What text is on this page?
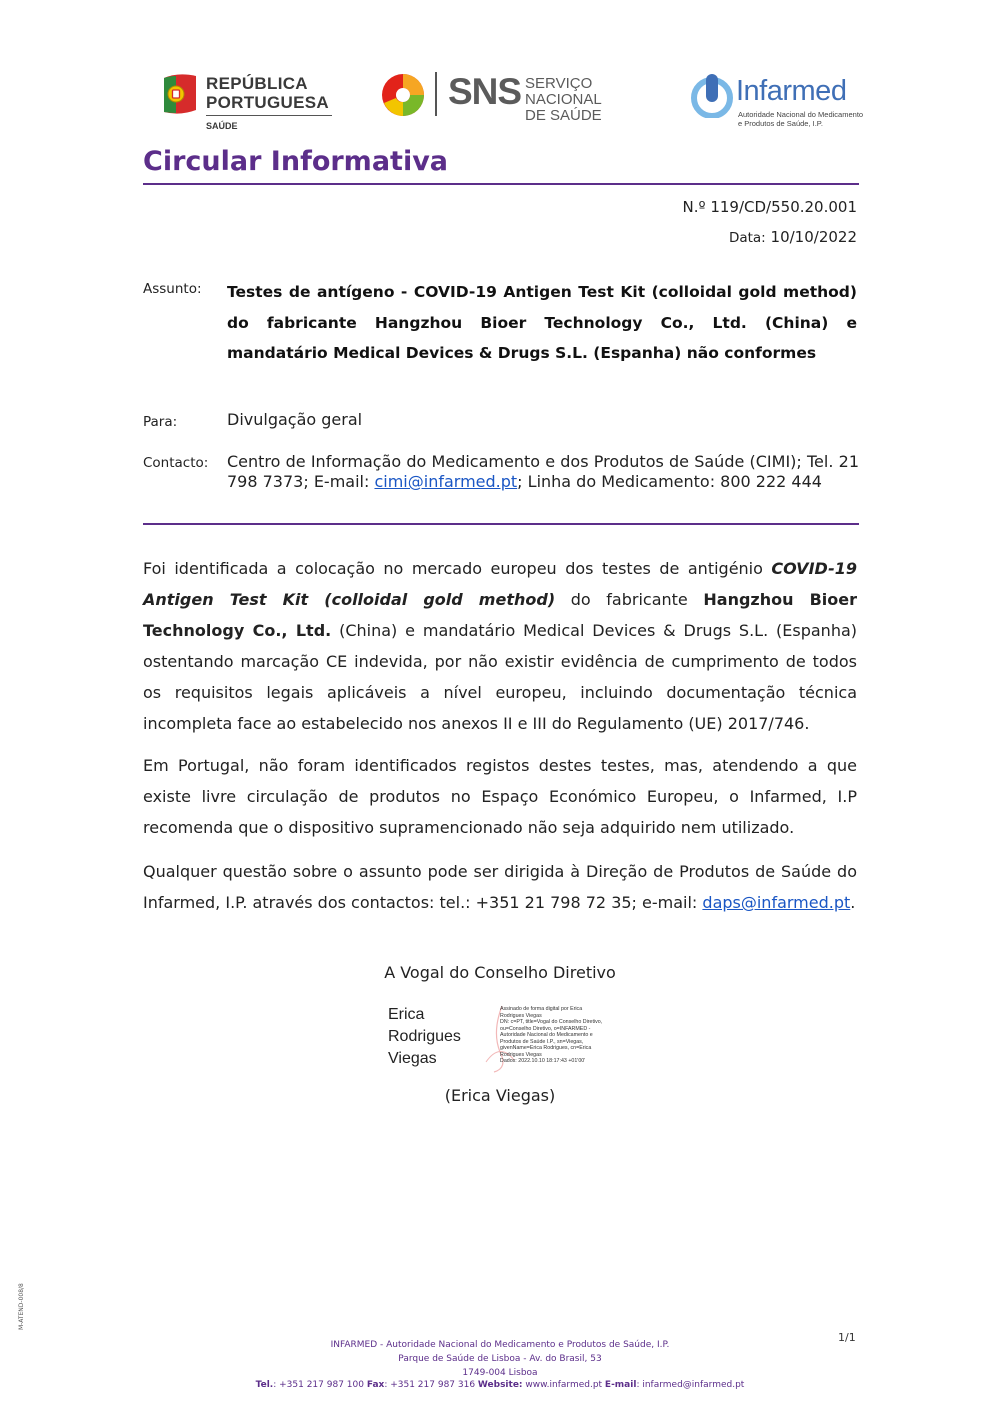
REPÚBLICA
PORTUGUESA
SAÚDE
SNS SERVIÇO NACIONAL
DE SAÚDE
Infarmed
Autoridade Nacional do Medicamento
e Produtos de Saúde, I.P.
Circular Informativa
N.º 119/CD/550.20.001
Data: 10/10/2022
Assunto: Testes de antígeno - COVID-19 Antigen Test Kit (colloidal gold method) do fabricante Hangzhou Bioer Technology Co., Ltd. (China) e mandatário Medical Devices & Drugs S.L. (Espanha) não conformes
Para:	Divulgação geral
Contacto: Centro de Informação do Medicamento e dos Produtos de Saúde (CIMI); Tel. 21 798 7373; E-mail: cimi@infarmed.pt; Linha do Medicamento: 800 222 444
Foi identificada a colocação no mercado europeu dos testes de antigénio COVID-19 Antigen Test Kit (colloidal gold method) do fabricante Hangzhou Bioer Technology Co., Ltd. (China) e mandatário Medical Devices & Drugs S.L. (Espanha) ostentando marcação CE indevida, por não existir evidência de cumprimento de todos os requisitos legais aplicáveis a nível europeu, incluindo documentação técnica incompleta face ao estabelecido nos anexos II e III do Regulamento (UE) 2017/746.
Em Portugal, não foram identificados registos destes testes, mas, atendendo a que existe livre circulação de produtos no Espaço Económico Europeu, o Infarmed, I.P recomenda que o dispositivo supramencionado não seja adquirido nem utilizado.
Qualquer questão sobre o assunto pode ser dirigida à Direção de Produtos de Saúde do Infarmed, I.P. através dos contactos: tel.: +351 21 798 72 35; e-mail: daps@infarmed.pt.
A Vogal do Conselho Diretivo
Erica
Rodrigues
Viegas
Assinado de forma digital por Erica
Rodrigues Viegas
DN: c=PT, title=Vogal do Conselho Diretivo,
ou=Conselho Diretivo, o=INFARMED -
Autoridade Nacional do Medicamento e
Produtos de Saúde I.P., sn=Viegas,
givenName=Erica Rodrigues, cn=Erica
Rodrigues Viegas
Dados: 2022.10.10 18:17:43 +01'00'
(Erica Viegas)
M-ATEND-008/8
1/1
INFARMED - Autoridade Nacional do Medicamento e Produtos de Saúde, I.P.
Parque de Saúde de Lisboa - Av. do Brasil, 53
1749-004 Lisboa
Tel.: +351 217 987 100 Fax: +351 217 987 316 Website: www.infarmed.pt E-mail: infarmed@infarmed.pt
